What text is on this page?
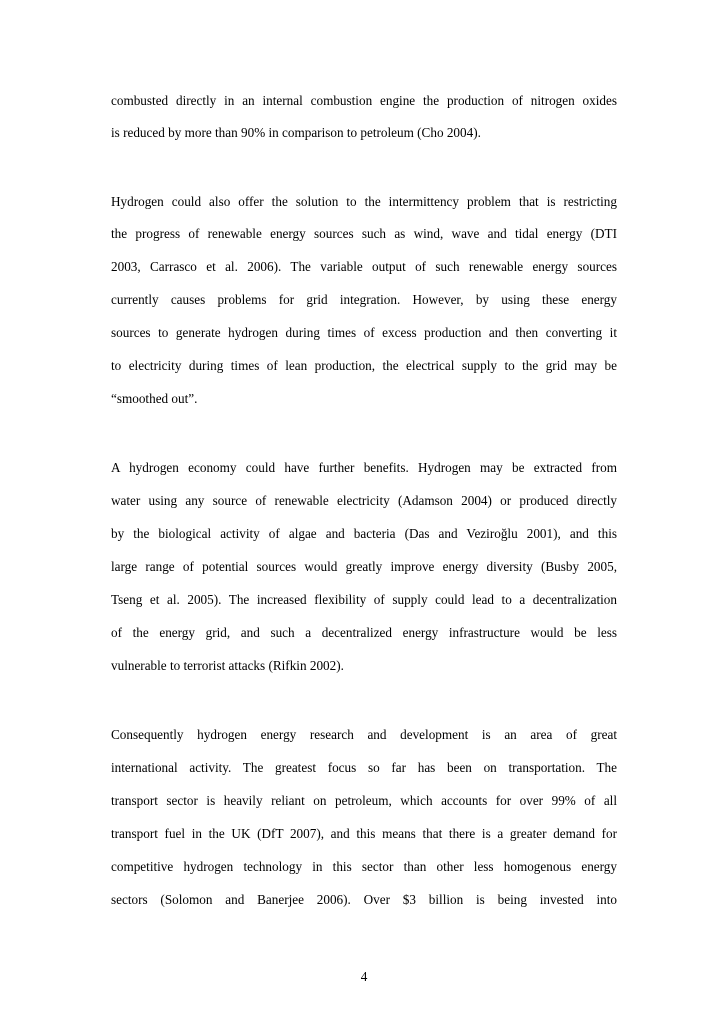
combusted directly in an internal combustion engine the production of nitrogen oxides
is reduced by more than 90% in comparison to petroleum (Cho 2004).
Hydrogen could also offer the solution to the intermittency problem that is restricting
the progress of renewable energy sources such as wind, wave and tidal energy (DTI
2003, Carrasco et al. 2006). The variable output of such renewable energy sources
currently causes problems for grid integration. However, by using these energy
sources to generate hydrogen during times of excess production and then converting it
to electricity during times of lean production, the electrical supply to the grid may be
“smoothed out”.
A hydrogen economy could have further benefits. Hydrogen may be extracted from
water using any source of renewable electricity (Adamson 2004) or produced directly
by the biological activity of algae and bacteria (Das and Veziroğlu 2001), and this
large range of potential sources would greatly improve energy diversity (Busby 2005,
Tseng et al. 2005). The increased flexibility of supply could lead to a decentralization
of the energy grid, and such a decentralized energy infrastructure would be less
vulnerable to terrorist attacks (Rifkin 2002).
Consequently hydrogen energy research and development is an area of great
international activity. The greatest focus so far has been on transportation. The
transport sector is heavily reliant on petroleum, which accounts for over 99% of all
transport fuel in the UK (DfT 2007), and this means that there is a greater demand for
competitive hydrogen technology in this sector than other less homogenous energy
sectors (Solomon and Banerjee 2006). Over $3 billion is being invested into
4
